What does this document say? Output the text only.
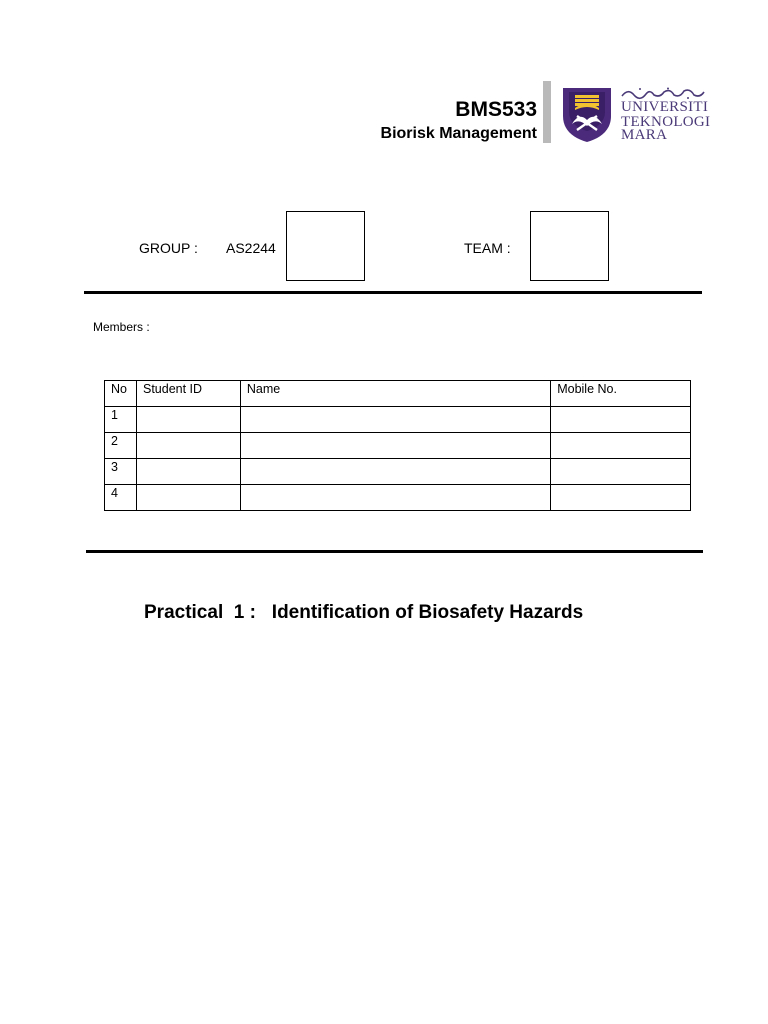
BMS533
Biorisk Management
UNIVERSITI
TEKNOLOGI
MARA
GROUP : AS2244	TEAM :
Members :
No	Student ID	Name	Mobile No.
1			
2			
3			
4			
Practical  1 :   Identification of Biosafety Hazards
